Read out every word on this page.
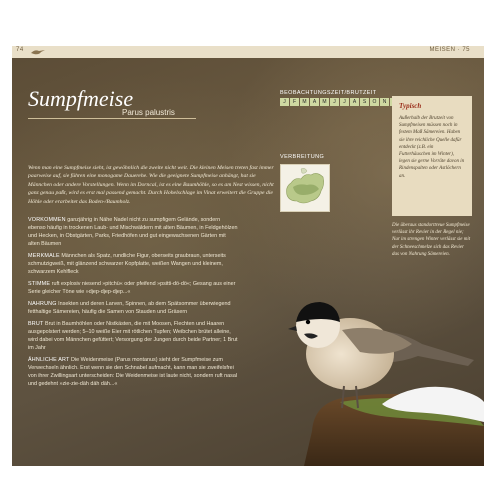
74	MEISEN · 75
Sumpfmeise
Parus palustris
Wenn man eine Sumpfmeise sieht, ist gewöhnlich die zweite nicht weit. Die kleinen Meisen treten fast immer paarweise auf, sie führen eine monogame Dauerehe. Wie die geeignete Sumpfmeise anhängt, hat sie Männchen oder andere Vorstellungen. Wenn im Dorncal, ist es eine Baumhöhle, so es am Nest wissen, nicht ganz genau paßt, wird es erst mal passend gemacht. Durch Hohelschlage im Vinat erweitert die Gruppe die Höhle oder erarbeitet das Boden-/Baumholz.
VORKOMMEN ganzjährig in Nähe Nadel nicht zu sumpfigem Gelände, sondern ebenso häufig in trockenen Laub- und Mischwäldern mit alten Bäumen, in Feldgehölzen und Hecken, in Obstgärten, Parks, Friedhöfen und gut eingewachsenen Gärten mit alten Bäumen
MERKMALE Männchen als Spatz, rundliche Figur, oberseits graubraun, unterseits schmutzigweiß, mit glänzend schwarzer Kopfplatte, weißen Wangen und kleinem, schwarzem Kehlfleck
STIMME ruft explosiv niesend »pitchü« oder pfeifend »psitti-dö-dö«; Gesang aus einer Serie gleicher Töne wie »djep-djep-djep...«
NAHRUNG Insekten und deren Larven, Spinnen, ab dem Spätsommer überwiegend fetthaltige Sämereien, häufig die Samen von Stauden und Gräsern
BRUT Brut in Baumhöhlen oder Nistkästen, die mit Moosen, Flechten und Haaren ausgepolstert werden; 5–10 weiße Eier mit rötlichen Tupfen; Weibchen brütet alleine, wird dabei vom Männchen gefüttert; Versorgung der Jungen durch beide Partner; 1 Brut im Jahr
ÄHNLICHE ART Die Weidenmeise (Parus montanus) sieht der Sumpfmeise zum Verwechseln ähnlich. Erst wenn sie den Schnabel aufmacht, kann man sie zweifelsfrei von ihrer Zwillingsart unterscheiden: Die Weidenmeise ist laute nicht, sondern ruft nasal und gedehnt »zie-zie-däh däh däh...«
BEOBACHTUNGSZEIT/BRUTZEIT
J	F	M	A	M	J	J	A	S	O	N
VERBREITUNG
Typisch
Außerhalb der Brutzeit von Sumpfmeisen müssen noch in festem Maß Sämereien. Haben sie ihre reichliche Quelle dafür entdeckt (z.B. ein Futterhäuschen im Winter), legen sie gerne Vorräte davon in Rindenspalten oder Astlöchern an.
Die überaus standorttreue Sumpfmeise verlässt ihr Revier in der Regel nie; Nur im strengen Winter verlässt sie mit der Schneeschmelze sich das Revier das von Nahrung Sämereien.
